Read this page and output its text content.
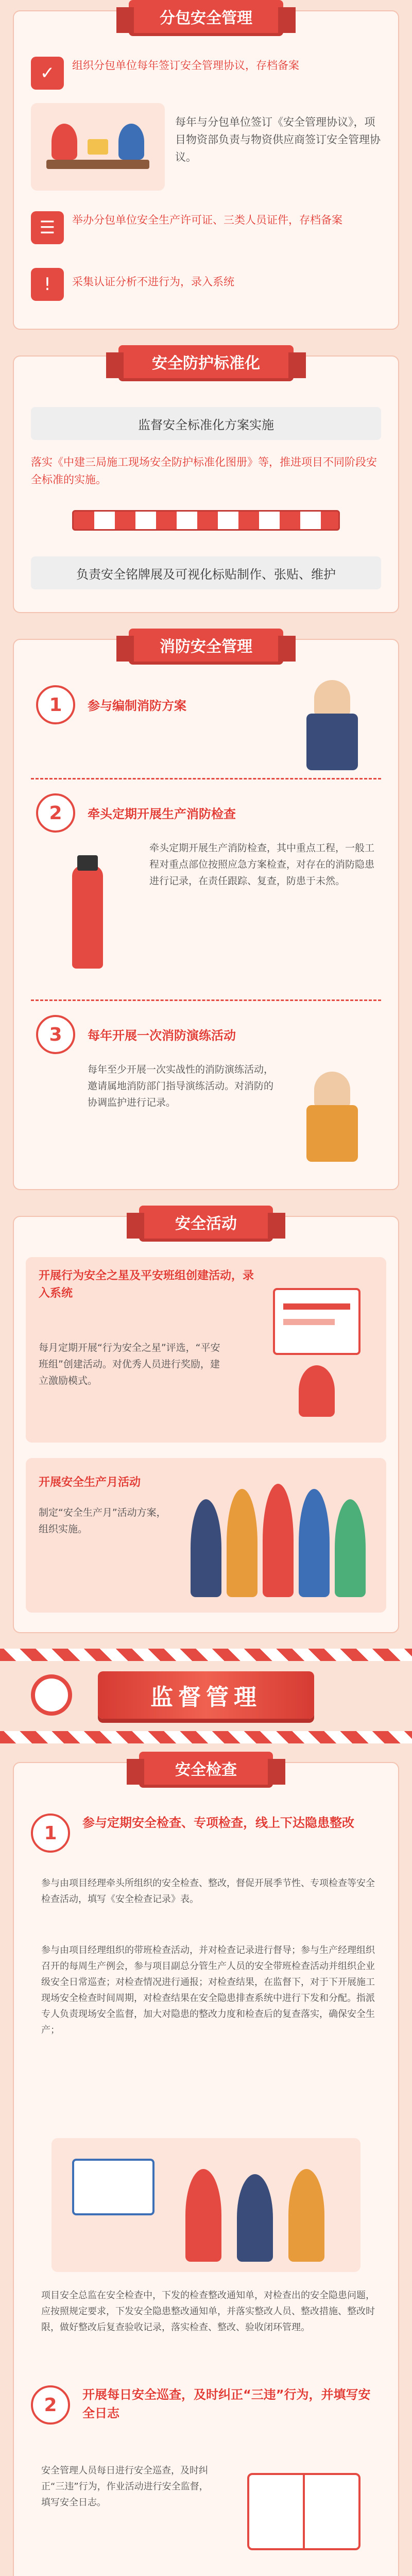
分包安全管理
✓	组织分包单位每年签订安全管理协议，存档备案
每年与分包单位签订《安全管理协议》，项目物资部负责与物资供应商签订安全管理协议。
☰	举办分包单位安全生产许可证、三类人员证件，存档备案
!	采集认证分析不进行为，录入系统
安全防护标准化
监督安全标准化方案实施
落实《中建三局施工现场安全防护标准化图册》等，推进项目不同阶段安全标准的实施。
负责安全铭牌展及可视化标贴制作、张贴、维护
消防安全管理
1	参与编制消防方案
2	牵头定期开展生产消防检查
牵头定期开展生产消防检查，其中重点工程，一般工程对重点部位按照应急方案检查，对存在的消防隐患进行记录，在责任跟踪、复查，防患于未然。
3	每年开展一次消防演练活动
每年至少开展一次实战性的消防演练活动，邀请属地消防部门指导演练活动。对消防的协调监护进行记录。
安全活动
开展行为安全之星及平安班组创建活动，录入系统
每月定期开展“行为安全之星”评选，“平安班组”创建活动。对优秀人员进行奖励，建立激励模式。
开展安全生产月活动
制定“安全生产月”活动方案，组织实施。
监督管理
安全检查
1	参与定期安全检查、专项检查，线上下达隐患整改
参与由项目经理牵头所组织的安全检查、整改，督促开展季节性、专项检查等安全检查活动，填写《安全检查记录》表。
参与由项目经理组织的带班检查活动，并对检查记录进行督导；参与生产经理组织召开的每周生产例会，参与项目副总分管生产人员的安全带班检查活动并组织企业级安全日常巡查；对检查情况进行通报；对检查结果，在监督下，对于下开展施工现场安全检查时间周期，对检查结果在安全隐患排查系统中进行下发和分配。指派专人负责现场安全监督，加大对隐患的整改力度和检查后的复查落实，确保安全生产；
项目安全总监在安全检查中，下发的检查整改通知单，对检查出的安全隐患问题，应按照规定要求，下发安全隐患整改通知单，并落实整改人员、整改措施、整改时限，做好整改后复查验收记录，落实检查、整改、验收闭环管理。
2	开展每日安全巡查，及时纠正“三违”行为，并填写安全日志
安全管理人员每日进行安全巡查，及时纠正“三违”行为，作业活动进行安全监督，填写安全日志。
